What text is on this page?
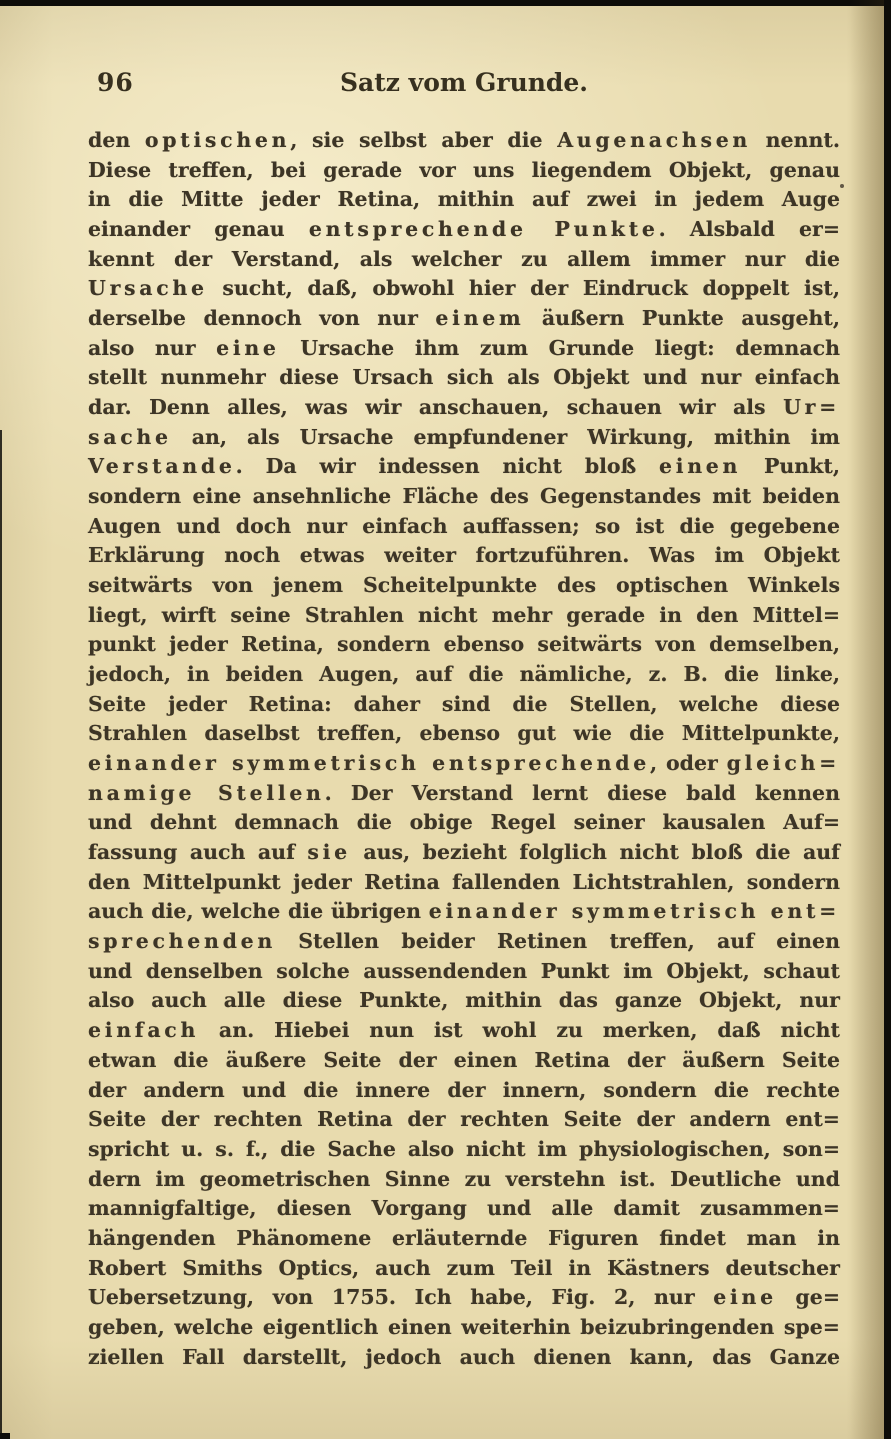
96	Satz vom Grunde.
den optischen, sie selbst aber die Augenachsen nennt.
Diese treffen, bei gerade vor uns liegendem Objekt, genau
in die Mitte jeder Retina, mithin auf zwei in jedem Auge
einander genau entsprechende Punkte. Alsbald er=
kennt der Verstand, als welcher zu allem immer nur die
Ursache sucht, daß, obwohl hier der Eindruck doppelt ist,
derselbe dennoch von nur einem äußern Punkte ausgeht,
also nur eine Ursache ihm zum Grunde liegt: demnach
stellt nunmehr diese Ursach sich als Objekt und nur einfach
dar. Denn alles, was wir anschauen, schauen wir als Ur=
sache an, als Ursache empfundener Wirkung, mithin im
Verstande. Da wir indessen nicht bloß einen Punkt,
sondern eine ansehnliche Fläche des Gegenstandes mit beiden
Augen und doch nur einfach auffassen; so ist die gegebene
Erklärung noch etwas weiter fortzuführen. Was im Objekt
seitwärts von jenem Scheitelpunkte des optischen Winkels
liegt, wirft seine Strahlen nicht mehr gerade in den Mittel=
punkt jeder Retina, sondern ebenso seitwärts von demselben,
jedoch, in beiden Augen, auf die nämliche, z. B. die linke,
Seite jeder Retina: daher sind die Stellen, welche diese
Strahlen daselbst treffen, ebenso gut wie die Mittelpunkte,
einander symmetrisch entsprechende, oder gleich=
namige Stellen. Der Verstand lernt diese bald kennen
und dehnt demnach die obige Regel seiner kausalen Auf=
fassung auch auf sie aus, bezieht folglich nicht bloß die auf
den Mittelpunkt jeder Retina fallenden Lichtstrahlen, sondern
auch die, welche die übrigen einander symmetrisch ent=
sprechenden Stellen beider Retinen treffen, auf einen
und denselben solche aussendenden Punkt im Objekt, schaut
also auch alle diese Punkte, mithin das ganze Objekt, nur
einfach an. Hiebei nun ist wohl zu merken, daß nicht
etwan die äußere Seite der einen Retina der äußern Seite
der andern und die innere der innern, sondern die rechte
Seite der rechten Retina der rechten Seite der andern ent=
spricht u. s. f., die Sache also nicht im physiologischen, son=
dern im geometrischen Sinne zu verstehn ist. Deutliche und
mannigfaltige, diesen Vorgang und alle damit zusammen=
hängenden Phänomene erläuternde Figuren findet man in
Robert Smiths Optics, auch zum Teil in Kästners deutscher
Uebersetzung, von 1755. Ich habe, Fig. 2, nur eine ge=
geben, welche eigentlich einen weiterhin beizubringenden spe=
ziellen Fall darstellt, jedoch auch dienen kann, das Ganze
